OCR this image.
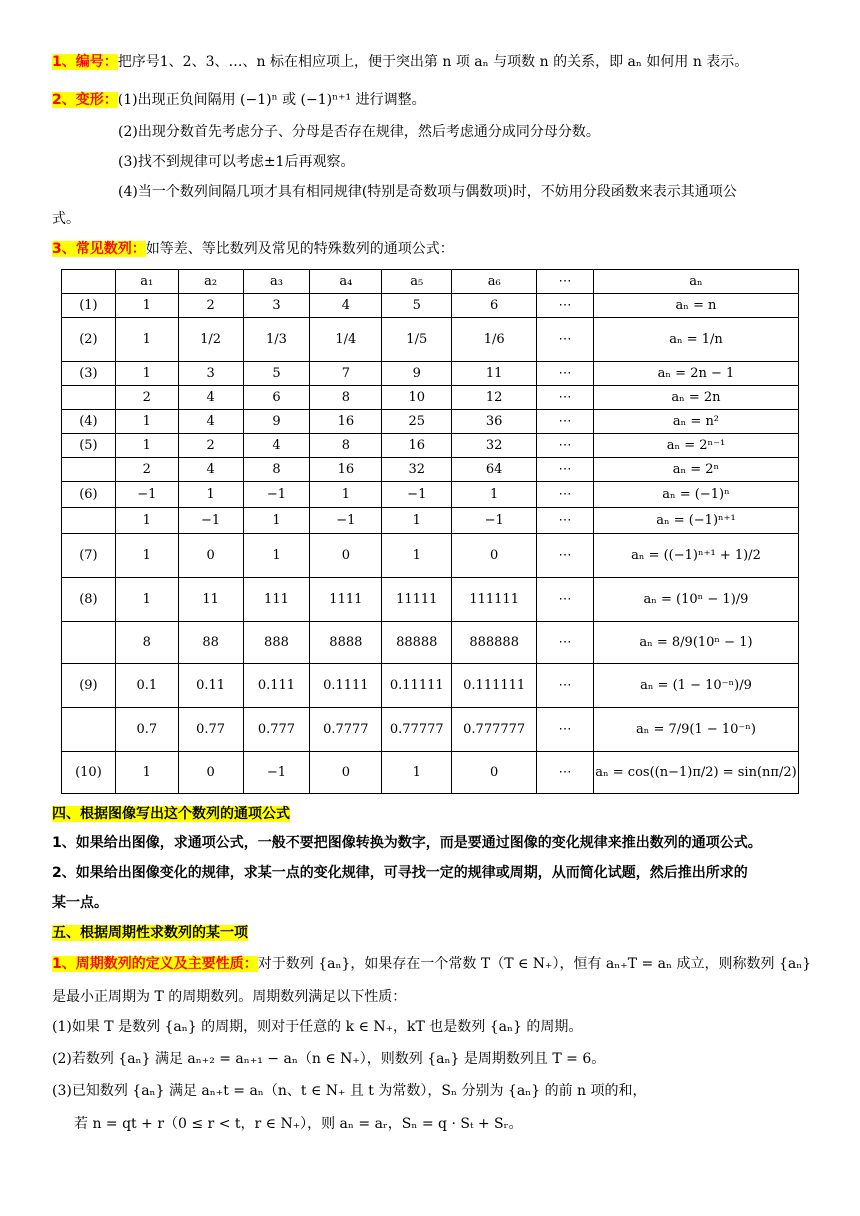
1、编号：把序号1、2、3、…、n 标在相应项上，便于突出第 n 项 aₙ 与项数 n 的关系，即 aₙ 如何用 n 表示。
2、变形：(1)出现正负间隔用 (−1)ⁿ 或 (−1)ⁿ⁺¹ 进行调整。
(2)出现分数首先考虑分子、分母是否存在规律，然后考虑通分成同分母分数。
(3)找不到规律可以考虑±1后再观察。
(4)当一个数列间隔几项才具有相同规律(特别是奇数项与偶数项)时，不妨用分段函数来表示其通项公
式。
3、常见数列：如等差、等比数列及常见的特殊数列的通项公式：
	a₁	a₂	a₃	a₄	a₅	a₆	⋯	aₙ
(1)	1	2	3	4	5	6	⋯	aₙ = n
(2)	1	1/2	1/3	1/4	1/5	1/6	⋯	aₙ = 1/n
(3)	1	3	5	7	9	11	⋯	aₙ = 2n − 1
	2	4	6	8	10	12	⋯	aₙ = 2n
(4)	1	4	9	16	25	36	⋯	aₙ = n²
(5)	1	2	4	8	16	32	⋯	aₙ = 2ⁿ⁻¹
	2	4	8	16	32	64	⋯	aₙ = 2ⁿ
(6)	−1	1	−1	1	−1	1	⋯	aₙ = (−1)ⁿ
	1	−1	1	−1	1	−1	⋯	aₙ = (−1)ⁿ⁺¹
(7)	1	0	1	0	1	0	⋯	aₙ = ((−1)ⁿ⁺¹ + 1)/2
(8)	1	11	111	1111	11111	111111	⋯	aₙ = (10ⁿ − 1)/9
	8	88	888	8888	88888	888888	⋯	aₙ = 8/9(10ⁿ − 1)
(9)	0.1	0.11	0.111	0.1111	0.11111	0.111111	⋯	aₙ = (1 − 10⁻ⁿ)/9
	0.7	0.77	0.777	0.7777	0.77777	0.777777	⋯	aₙ = 7/9(1 − 10⁻ⁿ)
(10)	1	0	−1	0	1	0	⋯	aₙ = cos((n−1)π/2) = sin(nπ/2)
四、根据图像写出这个数列的通项公式
1、如果给出图像，求通项公式，一般不要把图像转换为数字，而是要通过图像的变化规律来推出数列的通项公式。
2、如果给出图像变化的规律，求某一点的变化规律，可寻找一定的规律或周期，从而简化试题，然后推出所求的
某一点。
五、根据周期性求数列的某一项
1、周期数列的定义及主要性质：对于数列 {aₙ}，如果存在一个常数 T（T ∈ N₊），恒有 aₙ₊T = aₙ 成立，则称数列 {aₙ}
是最小正周期为 T 的周期数列。周期数列满足以下性质：
(1)如果 T 是数列 {aₙ} 的周期，则对于任意的 k ∈ N₊，kT 也是数列 {aₙ} 的周期。
(2)若数列 {aₙ} 满足 aₙ₊₂ = aₙ₊₁ − aₙ（n ∈ N₊），则数列 {aₙ} 是周期数列且 T = 6。
(3)已知数列 {aₙ} 满足 aₙ₊t = aₙ（n、t ∈ N₊ 且 t 为常数），Sₙ 分别为 {aₙ} 的前 n 项的和，
若 n = qt + r（0 ≤ r < t，r ∈ N₊），则 aₙ = aᵣ，Sₙ = q · Sₜ + Sᵣ。
